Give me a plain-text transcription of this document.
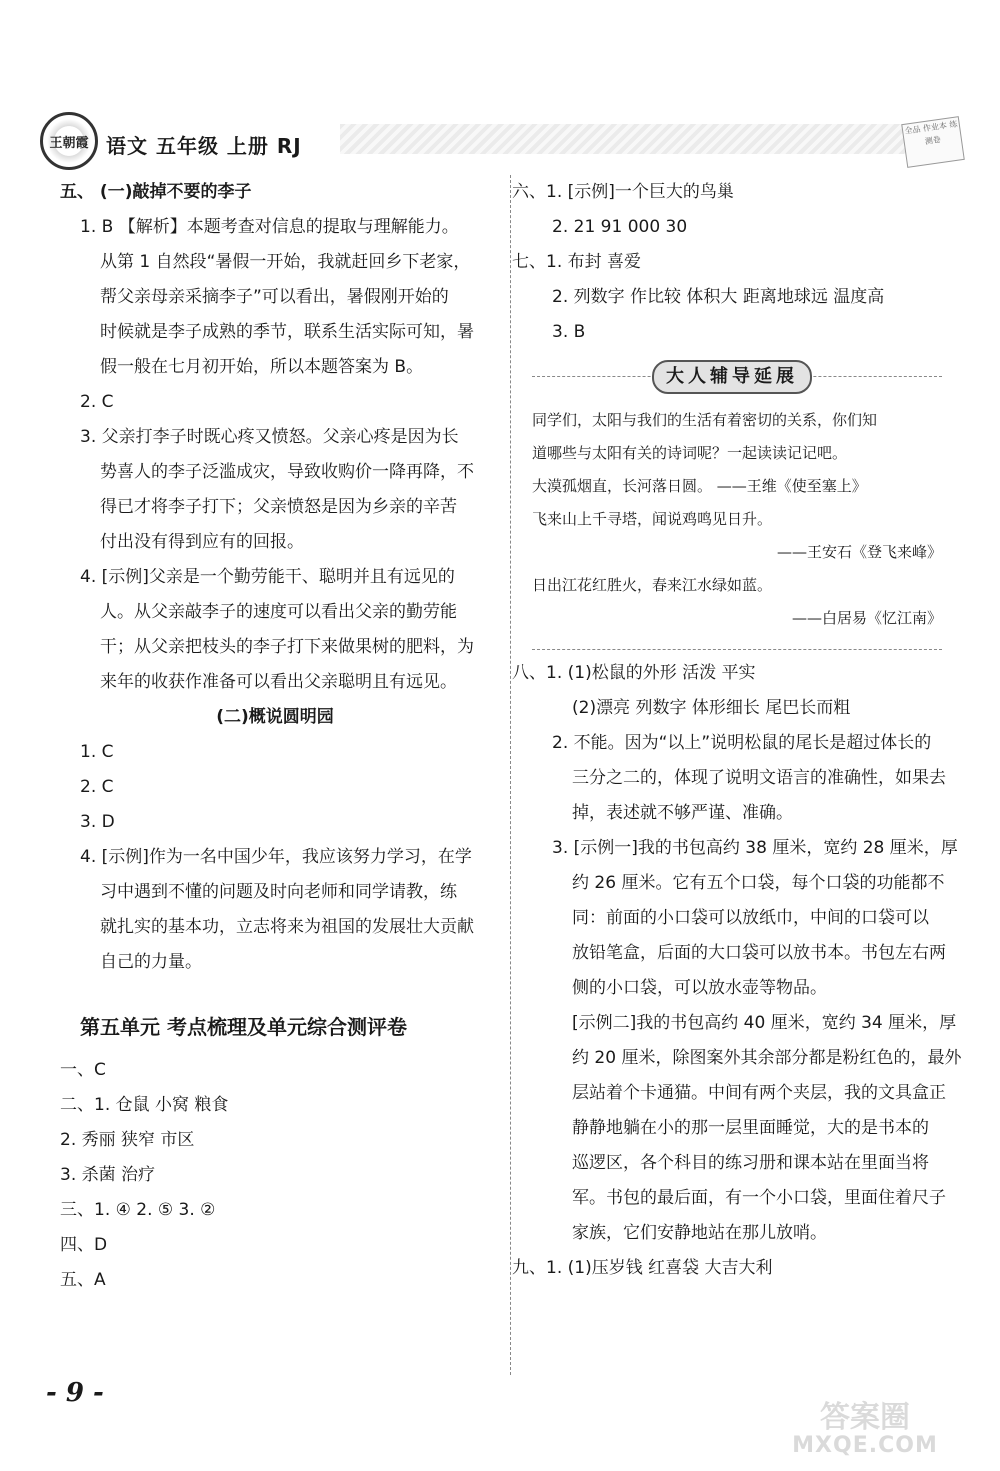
王朝霞 语文 五年级 上册 RJ
全品 作业本 练测卷
五、 (一)敲掉不要的李子
1. B 【解析】本题考查对信息的提取与理解能力。
从第 1 自然段“暑假一开始，我就赶回乡下老家，
帮父亲母亲采摘李子”可以看出，暑假刚开始的
时候就是李子成熟的季节，联系生活实际可知，暑
假一般在七月初开始，所以本题答案为 B。
2. C
3. 父亲打李子时既心疼又愤怒。父亲心疼是因为长
势喜人的李子泛滥成灾，导致收购价一降再降，不
得已才将李子打下；父亲愤怒是因为乡亲的辛苦
付出没有得到应有的回报。
4. [示例]父亲是一个勤劳能干、聪明并且有远见的
人。从父亲敲李子的速度可以看出父亲的勤劳能
干；从父亲把枝头的李子打下来做果树的肥料，为
来年的收获作准备可以看出父亲聪明且有远见。
(二)概说圆明园
1. C
2. C
3. D
4. [示例]作为一名中国少年，我应该努力学习，在学
习中遇到不懂的问题及时向老师和同学请教，练
就扎实的基本功，立志将来为祖国的发展壮大贡献
自己的力量。
第五单元 考点梳理及单元综合测评卷
一、C
二、1. 仓鼠 小窝 粮食
2. 秀丽 狭窄 市区
3. 杀菌 治疗
三、1. ④ 2. ⑤ 3. ②
四、D
五、A
六、1. [示例]一个巨大的鸟巢
2. 21 91 000 30
七、1. 布封 喜爱
2. 列数字 作比较 体积大 距离地球远 温度高
3. B
大人辅导延展
同学们，太阳与我们的生活有着密切的关系，你们知
道哪些与太阳有关的诗词呢？一起读读记记吧。
大漠孤烟直，长河落日圆。 ——王维《使至塞上》
飞来山上千寻塔，闻说鸡鸣见日升。
——王安石《登飞来峰》
日出江花红胜火，春来江水绿如蓝。
——白居易《忆江南》
八、1. (1)松鼠的外形 活泼 平实
(2)漂亮 列数字 体形细长 尾巴长而粗
2. 不能。因为“以上”说明松鼠的尾长是超过体长的
三分之二的，体现了说明文语言的准确性，如果去
掉，表述就不够严谨、准确。
3. [示例一]我的书包高约 38 厘米，宽约 28 厘米，厚
约 26 厘米。它有五个口袋，每个口袋的功能都不
同：前面的小口袋可以放纸巾，中间的口袋可以
放铅笔盒，后面的大口袋可以放书本。书包左右两
侧的小口袋，可以放水壶等物品。
[示例二]我的书包高约 40 厘米，宽约 34 厘米，厚
约 20 厘米，除图案外其余部分都是粉红色的，最外
层站着个卡通猫。中间有两个夹层，我的文具盒正
静静地躺在小的那一层里面睡觉，大的是书本的
巡逻区，各个科目的练习册和课本站在里面当将
军。书包的最后面，有一个小口袋，里面住着尺子
家族，它们安静地站在那儿放哨。
九、1. (1)压岁钱 红喜袋 大吉大利
- 9 -
答案圈
MXQE.COM
